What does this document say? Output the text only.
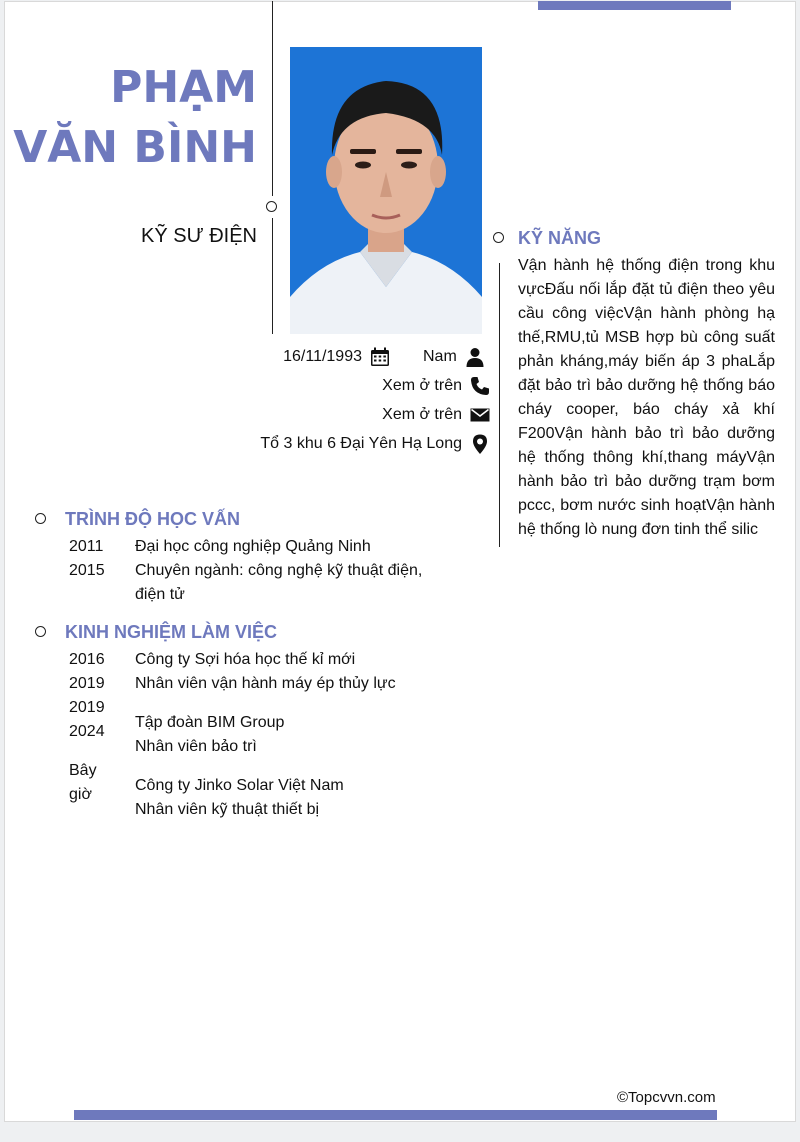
PHẠM
VĂN BÌNH
KỸ SƯ ĐIỆN
16/11/1993	Nam
Xem ở trên
Xem ở trên
Tổ 3 khu 6 Đại Yên Hạ Long
TRÌNH ĐỘ HỌC VẤN
2011
2015
Đại học công nghiệp Quảng Ninh
Chuyên ngành: công nghệ kỹ thuật điện, điện tử
KINH NGHIỆM LÀM VIỆC
2016
2019
Công ty Sợi hóa học thế kỉ mới
Nhân viên vận hành máy ép thủy lực
2019
2024
Tập đoàn BIM Group
Nhân viên bảo trì
Bây
giờ
Công ty Jinko Solar Việt Nam
Nhân viên kỹ thuật thiết bị
KỸ NĂNG
Vận hành hệ thống điện trong khu vựcĐấu nối lắp đặt tủ điện theo yêu cầu công việcVận hành phòng hạ thế,RMU,tủ MSB hợp bù công suất phản kháng,máy biến áp 3 phaLắp đặt bảo trì bảo dưỡng hệ thống báo cháy cooper, báo cháy xả khí F200Vận hành bảo trì bảo dưỡng hệ thống thông khí,thang máyVận hành bảo trì bảo dưỡng trạm bơm pccc, bơm nước sinh hoạtVận hành hệ thống lò nung đơn tinh thể silic
©Topcvvn.com
